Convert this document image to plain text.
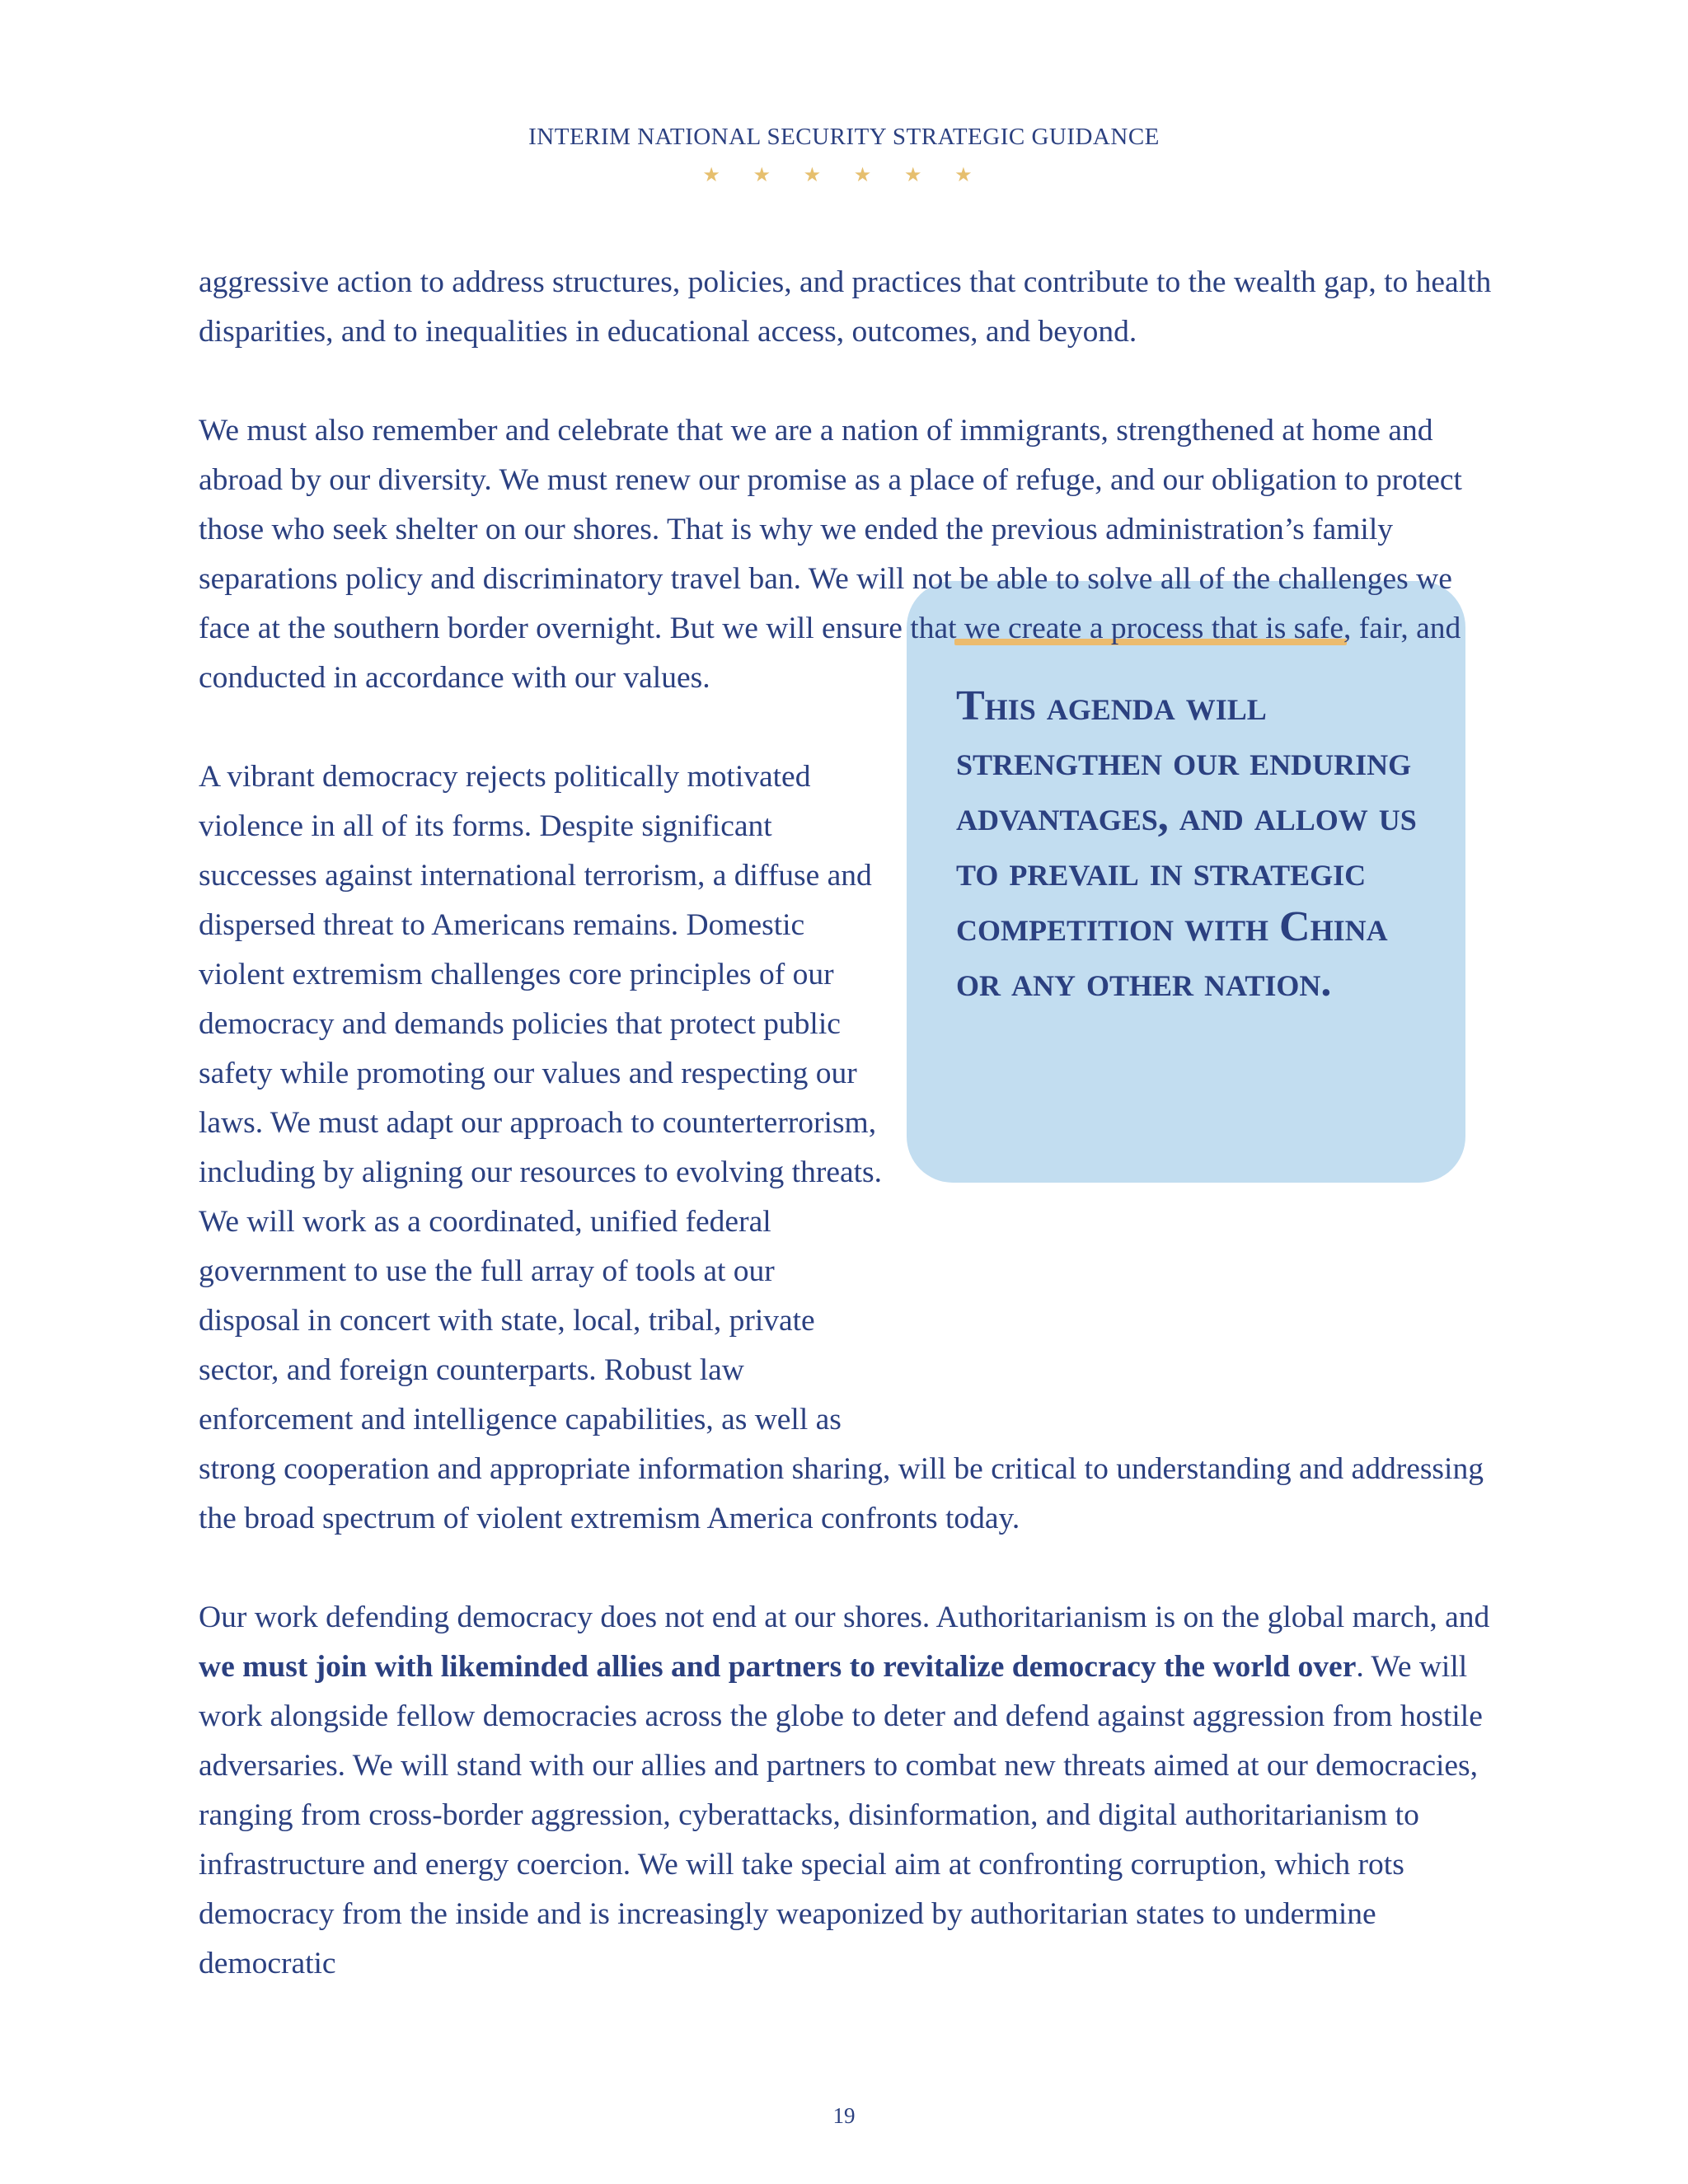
INTERIM NATIONAL SECURITY STRATEGIC GUIDANCE
★ ★ ★ ★ ★ ★
This agenda will strengthen our enduring advantages, and allow us to prevail in strategic competition with China or any other nation.

aggressive action to address structures, policies, and practices that contribute to the wealth gap, to health disparities, and to inequalities in educational access, outcomes, and beyond.

We must also remember and celebrate that we are a nation of immigrants, strengthened at home and abroad by our diversity. We must renew our promise as a place of refuge, and our obligation to protect those who seek shelter on our shores. That is why we ended the previous administration’s family separations policy and discriminatory travel ban. We will not be able to solve all of the challenges we face at the southern border overnight. But we will ensure that we create a process that is safe, fair, and conducted in accordance with our values.

A vibrant democracy rejects politically motivated violence in all of its forms. Despite significant successes against international terrorism, a diffuse and dispersed threat to Americans remains. Domestic violent extremism challenges core principles of our democracy and demands policies that protect public safety while promoting our values and respecting our laws. We must adapt our approach to counterterrorism, including by aligning our resources to evolving threats. We will work as a coordinated, unified federal government to use the full array of tools at our disposal in concert with state, local, tribal, private sector, and foreign counterparts. Robust law enforcement and intelligence capabilities, as well as strong cooperation and appropriate information sharing, will be critical to understanding and addressing the broad spectrum of violent extremism America confronts today.

Our work defending democracy does not end at our shores. Authoritarianism is on the global march, and we must join with likeminded allies and partners to revitalize democracy the world over. We will work alongside fellow democracies across the globe to deter and defend against aggression from hostile adversaries. We will stand with our allies and partners to combat new threats aimed at our democracies, ranging from cross-border aggression, cyberattacks, disinformation, and digital authoritarianism to infrastructure and energy coercion. We will take special aim at confronting corruption, which rots democracy from the inside and is increasingly weaponized by authoritarian states to undermine democratic

19
